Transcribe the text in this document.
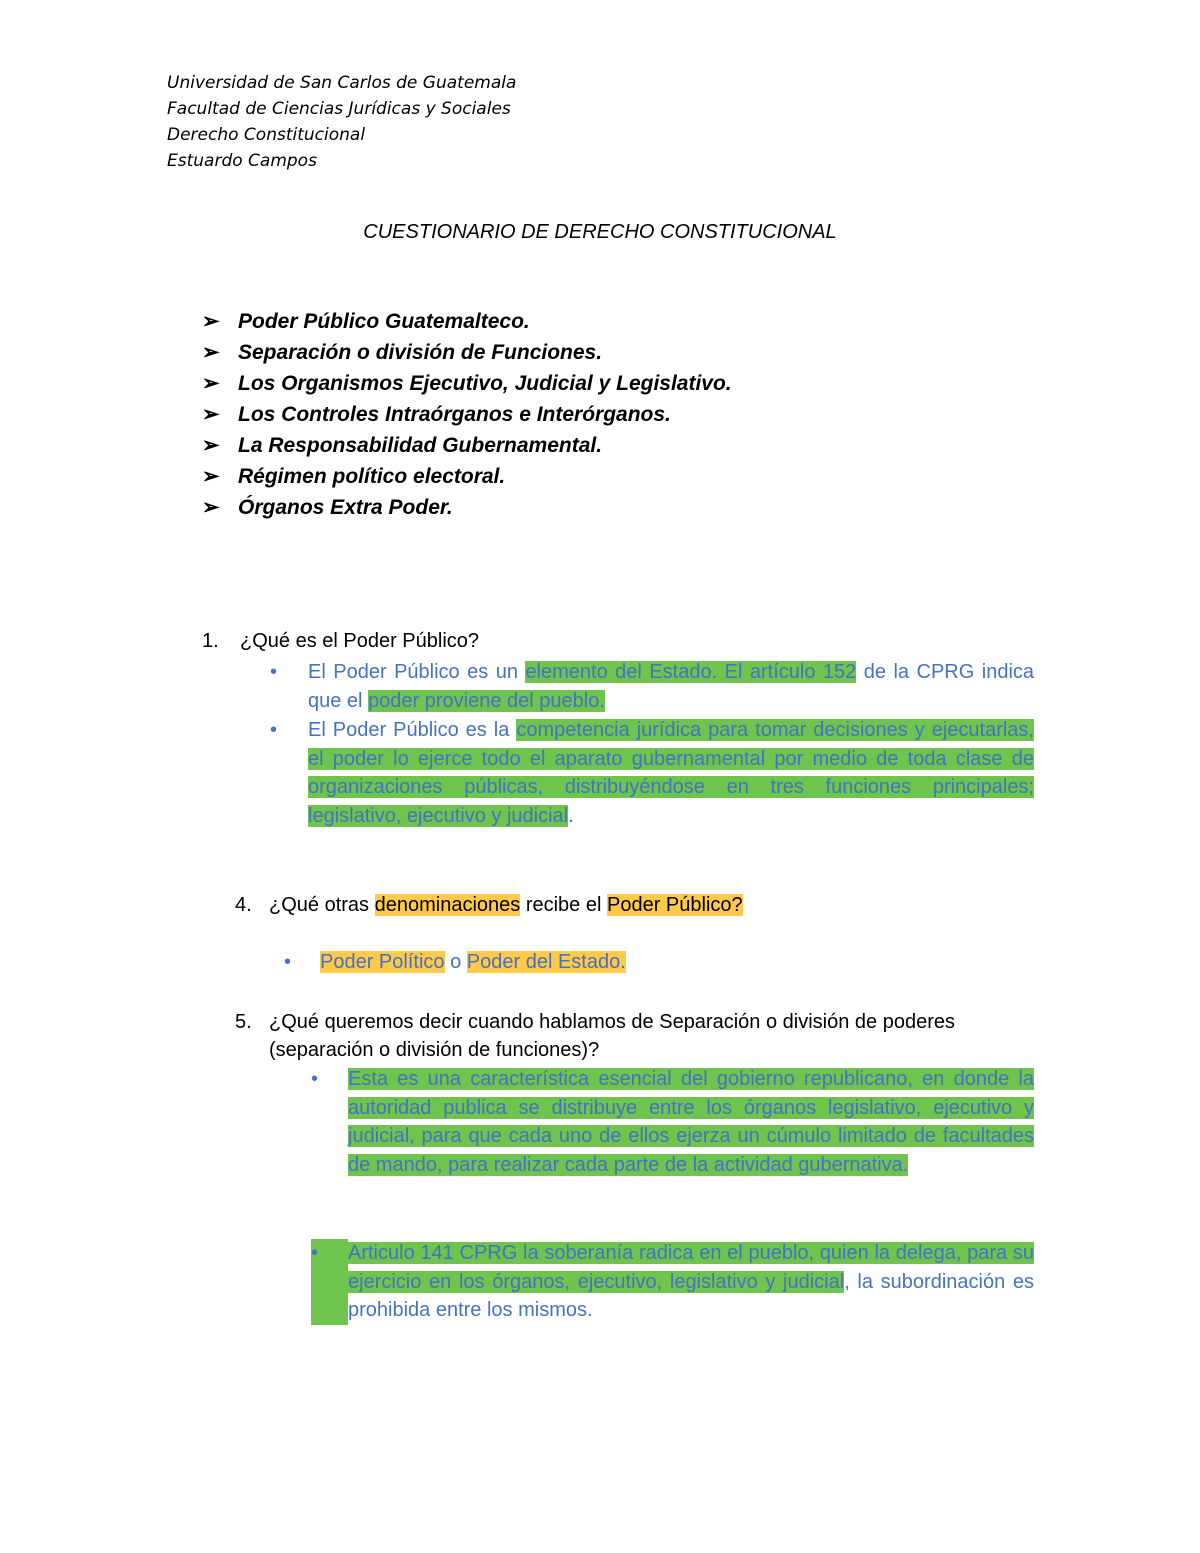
Universidad de San Carlos de Guatemala
Facultad de Ciencias Jurídicas y Sociales
Derecho Constitucional
Estuardo Campos
CUESTIONARIO DE DERECHO CONSTITUCIONAL
➢ Poder Público Guatemalteco.
➢ Separación o división de Funciones.
➢ Los Organismos Ejecutivo, Judicial y Legislativo.
➢ Los Controles Intraórganos e Interórganos.
➢ La Responsabilidad Gubernamental.
➢ Régimen político electoral.
➢ Órganos Extra Poder.
1.	¿Qué es el Poder Público?
•	El Poder Público es un elemento del Estado. El artículo 152 de la CPRG indica que el poder proviene del pueblo.
•	El Poder Público es la competencia jurídica para tomar decisiones y ejecutarlas, el poder lo ejerce todo el aparato gubernamental por medio de toda clase de organizaciones públicas, distribuyéndose en tres funciones principales; legislativo, ejecutivo y judicial.
4. ¿Qué otras denominaciones recibe el Poder Público?
•	Poder Político o Poder del Estado.
5. ¿Qué queremos decir cuando hablamos de Separación o división de poderes (separación o división de funciones)?
•	Esta es una característica esencial del gobierno republicano, en donde la autoridad publica se distribuye entre los órganos legislativo, ejecutivo y judicial, para que cada uno de ellos ejerza un cúmulo limitado de facultades de mando, para realizar cada parte de la actividad gubernativa.
•	Articulo 141 CPRG la soberanía radica en el pueblo, quien la delega, para su ejercicio en los órganos, ejecutivo, legislativo y judicial, la subordinación es prohibida entre los mismos.
